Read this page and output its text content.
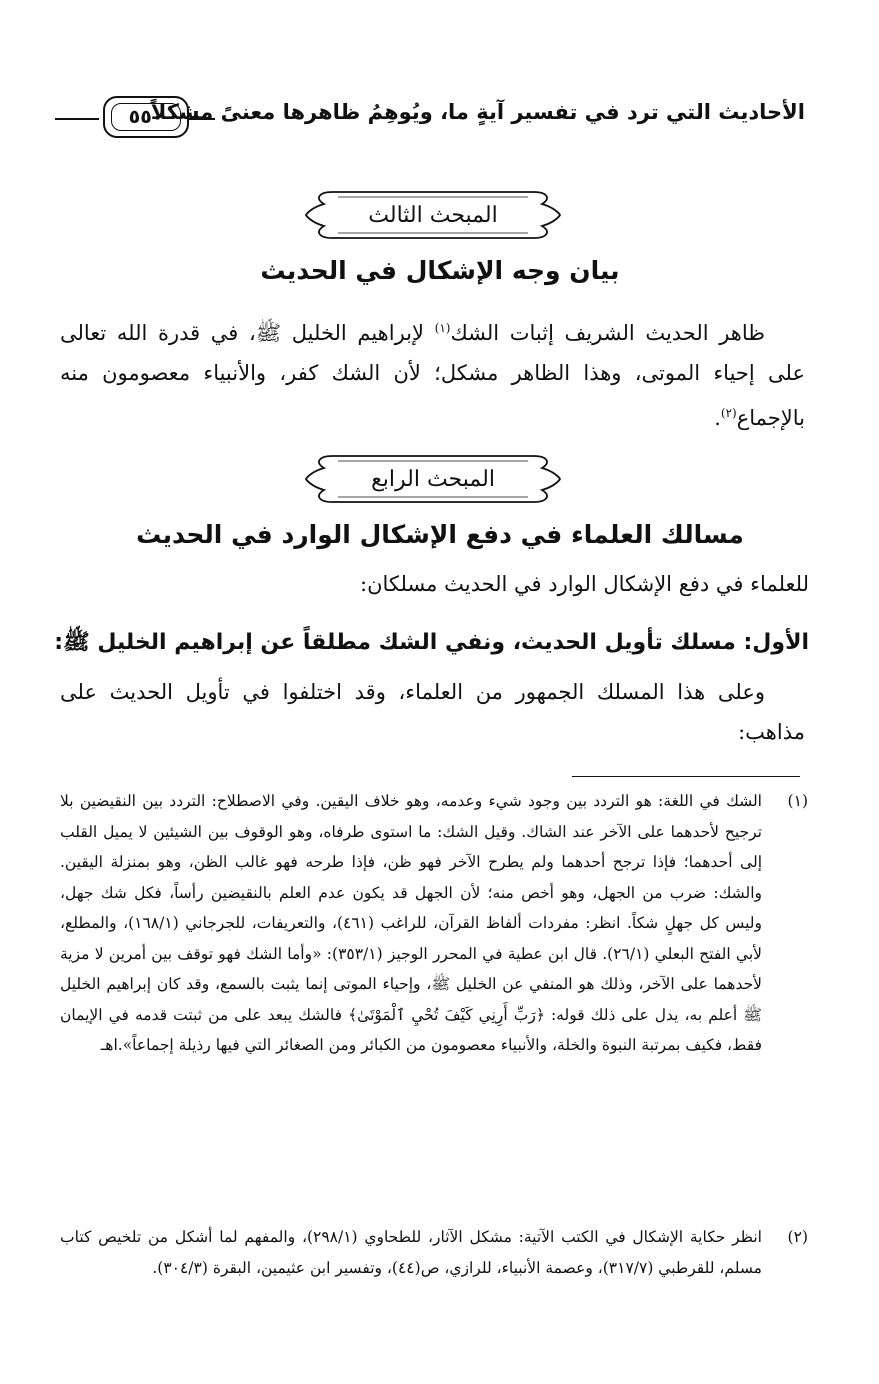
الأحاديث التي ترد في تفسير آيةٍ ما، ويُوهِمُ ظاهرها معنىً مشكلاً
٥٥٠
المبحث الثالث
بيان وجه الإشكال في الحديث
ظاهر الحديث الشريف إثبات الشك$^{(١)}$ لإبراهيم الخليل ﷺ، في قدرة الله تعالى على إحياء الموتى، وهذا الظاهر مشكل؛ لأن الشك كفر، والأنبياء معصومون منه بالإجماع$^{(٢)}$.
المبحث الرابع
مسالك العلماء في دفع الإشكال الوارد في الحديث
للعلماء في دفع الإشكال الوارد في الحديث مسلكان:
الأول: مسلك تأويل الحديث، ونفي الشك مطلقاً عن إبراهيم الخليل ﷺ:
وعلى هذا المسلك الجمهور من العلماء، وقد اختلفوا في تأويل الحديث على مذاهب:
(١)
الشك في اللغة: هو التردد بين وجود شيء وعدمه، وهو خلاف اليقين. وفي الاصطلاح: التردد بين النقيضين بلا ترجيح لأحدهما على الآخر عند الشاك. وقيل الشك: ما استوى طرفاه، وهو الوقوف بين الشيئين لا يميل القلب إلى أحدهما؛ فإذا ترجح أحدهما ولم يطرح الآخر فهو ظن، فإذا طرحه فهو غالب الظن، وهو بمنزلة اليقين. والشك: ضرب من الجهل، وهو أخص منه؛ لأن الجهل قد يكون عدم العلم بالنقيضين رأساً، فكل شك جهل، وليس كل جهلٍ شكاً. انظر: مفردات ألفاظ القرآن، للراغب (٤٦١)، والتعريفات، للجرجاني (١٦٨/١)، والمطلع، لأبي الفتح البعلي (٢٦/١). قال ابن عطية في المحرر الوجيز (٣٥٣/١): «وأما الشك فهو توقف بين أمرين لا مزية لأحدهما على الآخر، وذلك هو المنفي عن الخليل ﷺ، وإحياء الموتى إنما يثبت بالسمع، وقد كان إبراهيم الخليل ﷺ أعلم به، يدل على ذلك قوله: ﴿رَبِّ أَرِنِي كَيْفَ تُحْيِ ٱلْمَوْتَىٰ﴾ فالشك يبعد على من ثبتت قدمه في الإيمان فقط، فكيف بمرتبة النبوة والخلة، والأنبياء معصومون من الكبائر ومن الصغائر التي فيها رذيلة إجماعاً».اهـ
(٢)
انظر حكاية الإشكال في الكتب الآتية: مشكل الآثار، للطحاوي (٢٩٨/١)، والمفهم لما أشكل من تلخيص كتاب مسلم، للقرطبي (٣١٧/٧)، وعصمة الأنبياء، للرازي، ص(٤٤)، وتفسير ابن عثيمين، البقرة (٣٠٤/٣).
